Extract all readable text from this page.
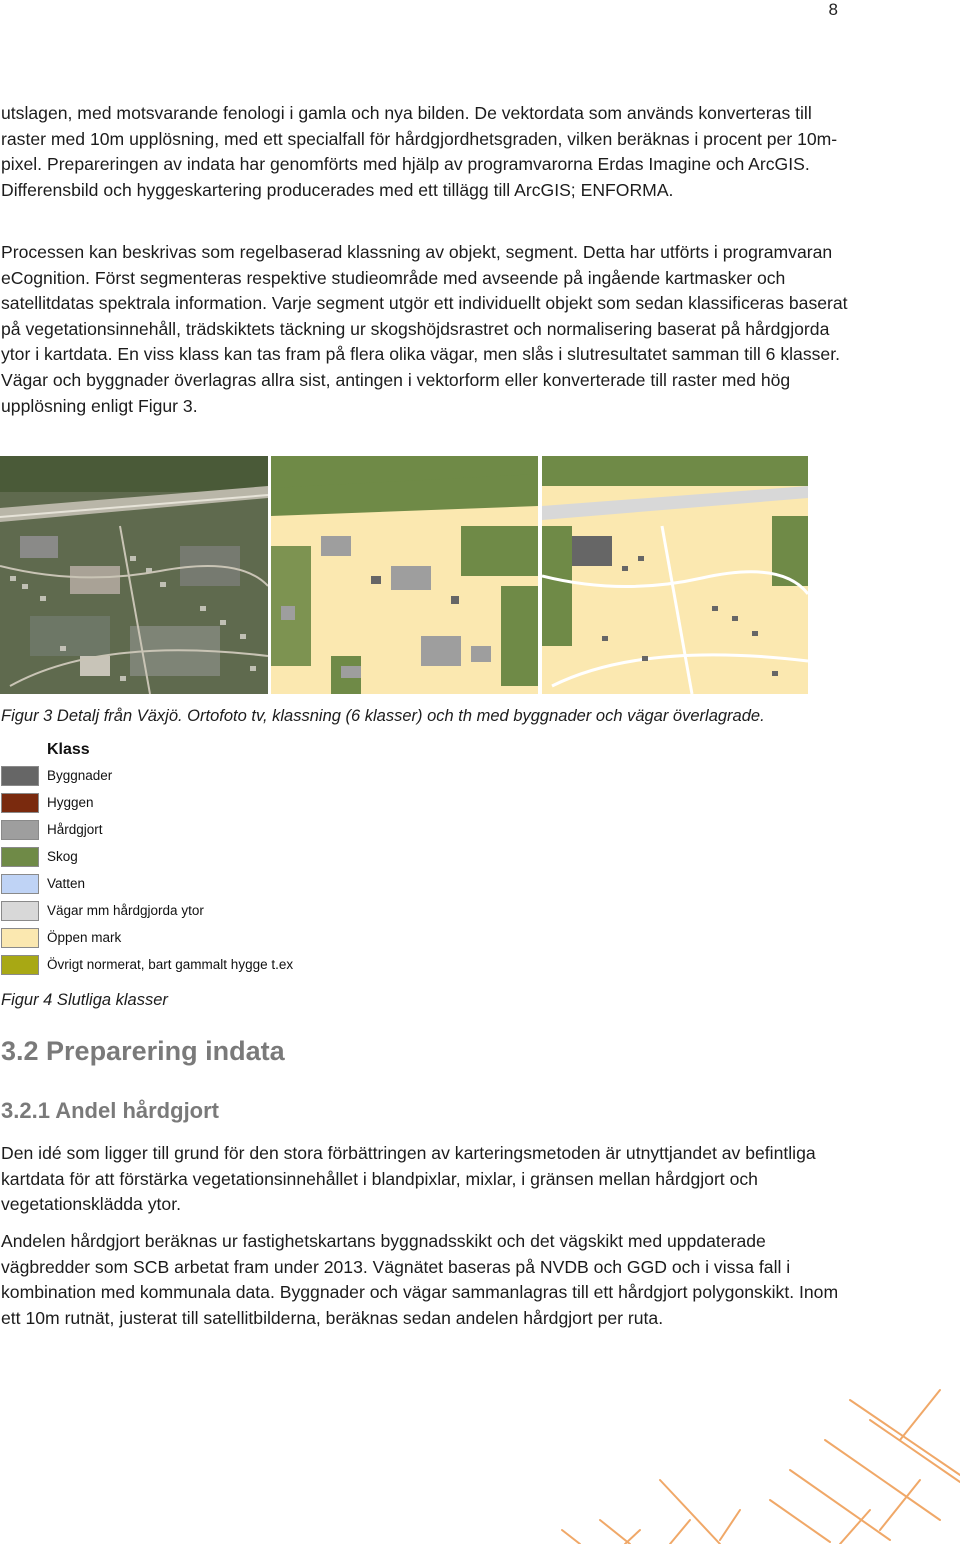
8

utslagen, med motsvarande fenologi i gamla och nya bilden. De vektordata som används konverteras till raster med 10m upplösning, med ett specialfall för hårdgjordhetsgraden, vilken beräknas i procent per 10m-pixel. Prepareringen av indata har genomförts med hjälp av programvarorna Erdas Imagine och ArcGIS. Differensbild och hyggeskartering producerades med ett tillägg till ArcGIS; ENFORMA.

Processen kan beskrivas som regelbaserad klassning av objekt, segment. Detta har utförts i programvaran eCognition. Först segmenteras respektive studieområde med avseende på ingående kartmasker och satellitdatas spektrala information. Varje segment utgör ett individuellt objekt som sedan klassificeras baserat på vegetationsinnehåll, trädskiktets täckning ur skogshöjdsrastret och normalisering baserat på hårdgjorda ytor i kartdata. En viss klass kan tas fram på flera olika vägar, men slås i slutresultatet samman till 6 klasser. Vägar och byggnader överlagras allra sist, antingen i vektorform eller konverterade till raster med hög upplösning enligt Figur 3.

Figur 3 Detalj från Växjö. Ortofoto tv, klassning (6 klasser) och th med byggnader och vägar överlagrade.
Klass
Byggnader
Hyggen
Hårdgjort
Skog
Vatten
Vägar mm hårdgjorda ytor
Öppen mark
Övrigt normerat, bart gammalt hygge t.ex
Figur 4 Slutliga klasser
3.2 Preparering indata
3.2.1 Andel hårdgjort

Den idé som ligger till grund för den stora förbättringen av karteringsmetoden är utnyttjandet av befintliga kartdata för att förstärka vegetationsinnehållet i blandpixlar, mixlar, i gränsen mellan hårdgjort och vegetationsklädda ytor.

Andelen hårdgjort beräknas ur fastighetskartans byggnadsskikt och det vägskikt med uppdaterade vägbredder som SCB arbetat fram under 2013. Vägnätet baseras på NVDB och GGD och i vissa fall i kombination med kommunala data. Byggnader och vägar sammanlagras till ett hårdgjort polygonskikt. Inom ett 10m rutnät, justerat till satellitbilderna, beräknas sedan andelen hårdgjort per ruta.
